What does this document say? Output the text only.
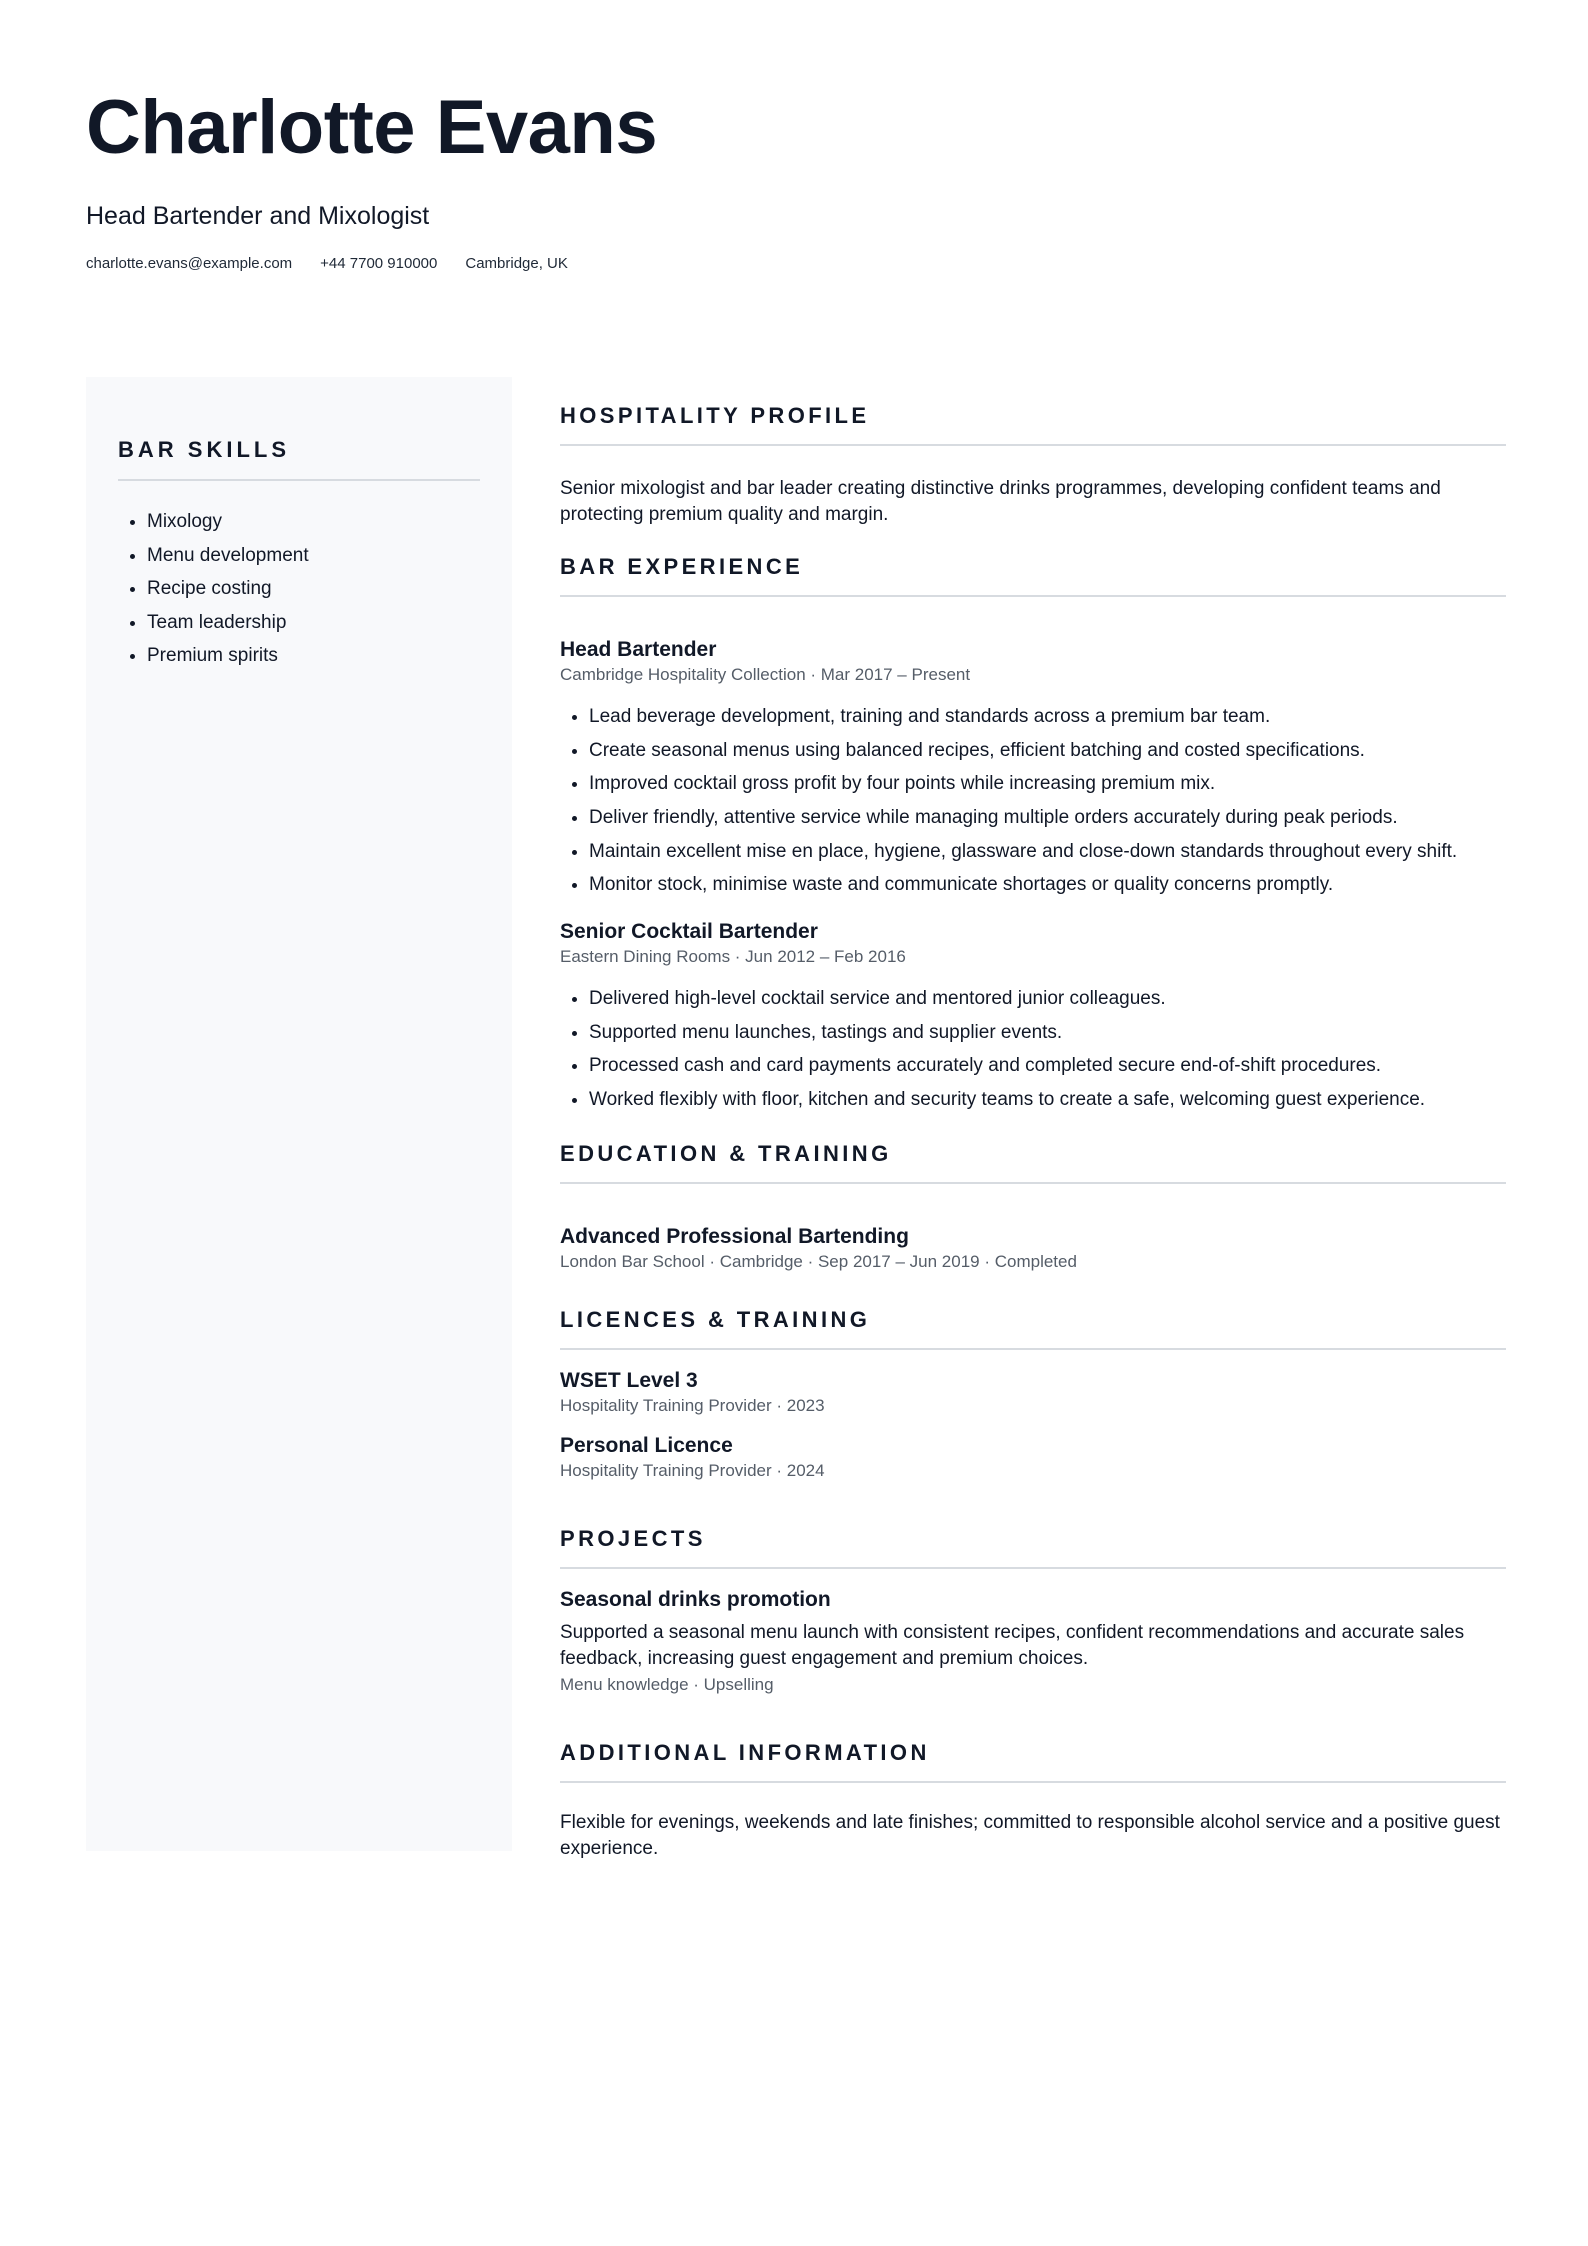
Charlotte Evans
Head Bartender and Mixologist
charlotte.evans@example.com +44 7700 910000 Cambridge, UK
BAR SKILLS
• Mixology
• Menu development
• Recipe costing
• Team leadership
• Premium spirits
HOSPITALITY PROFILE

Senior mixologist and bar leader creating distinctive drinks programmes, developing confident teams and protecting premium quality and margin.

BAR EXPERIENCE
Head Bartender
Cambridge Hospitality Collection · Mar 2017 – Present
• Lead beverage development, training and standards across a premium bar team.
• Create seasonal menus using balanced recipes, efficient batching and costed specifications.
• Improved cocktail gross profit by four points while increasing premium mix.
• Deliver friendly, attentive service while managing multiple orders accurately during peak periods.
• Maintain excellent mise en place, hygiene, glassware and close-down standards throughout every shift.
• Monitor stock, minimise waste and communicate shortages or quality concerns promptly.
Senior Cocktail Bartender
Eastern Dining Rooms · Jun 2012 – Feb 2016
• Delivered high-level cocktail service and mentored junior colleagues.
• Supported menu launches, tastings and supplier events.
• Processed cash and card payments accurately and completed secure end-of-shift procedures.
• Worked flexibly with floor, kitchen and security teams to create a safe, welcoming guest experience.
EDUCATION & TRAINING
Advanced Professional Bartending
London Bar School · Cambridge · Sep 2017 – Jun 2019 · Completed
LICENCES & TRAINING
WSET Level 3
Hospitality Training Provider · 2023
Personal Licence
Hospitality Training Provider · 2024
PROJECTS
Seasonal drinks promotion

Supported a seasonal menu launch with consistent recipes, confident recommendations and accurate sales feedback, increasing guest engagement and premium choices.

Menu knowledge · Upselling
ADDITIONAL INFORMATION

Flexible for evenings, weekends and late finishes; committed to responsible alcohol service and a positive guest experience.
